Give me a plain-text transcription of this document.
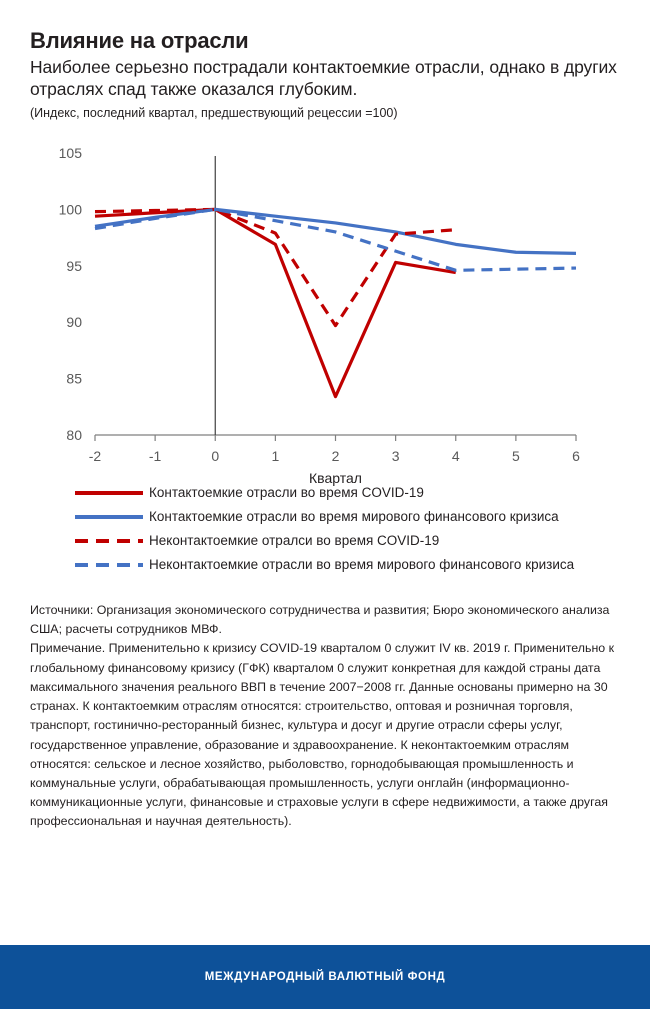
Влияние на отрасли

Наиболее серьезно пострадали контактоемкие отрасли, однако в других отраслях спад также оказался глубоким.

(Индекс, последний квартал, предшествующий рецессии =100)

80
85
90
95
100
105
-2	-1	0	1	2	3	4	5	6
Квартал
Контактоемкие отрасли во время COVID-19
Контактоемкие отрасли во время мирового финансового кризиса
Неконтактоемкие отралси во время COVID-19
Неконтактоемкие отрасли во время мирового финансового кризиса

Источники: Организация экономического сотрудничества и развития; Бюро экономического анализа США; расчеты сотрудников МВФ.

Примечание. Применительно к кризису COVID-19 кварталом 0 служит IV кв. 2019 г. Применительно к глобальному финансовому кризису (ГФК) кварталом 0 служит конкретная для каждой страны дата максимального значения реального ВВП в течение 2007−2008 гг. Данные основаны примерно на 30 странах. К контактоемким отраслям относятся: строительство, оптовая и розничная торговля, транспорт, гостинично-ресторанный бизнес, культура и досуг и другие отрасли сферы услуг, государственное управление, образование и здравоохранение. К неконтактоемким отраслям относятся: сельское и лесное хозяйство, рыболовство, горнодобывающая промышленность и коммунальные услуги, обрабатывающая промышленность, услуги онглайн (информационно-коммуникационные услуги, финансовые и страховые услуги в сфере недвижимости, а также другая профессиональная и научная деятельность).

МЕЖДУНАРОДНЫЙ ВАЛЮТНЫЙ ФОНД
